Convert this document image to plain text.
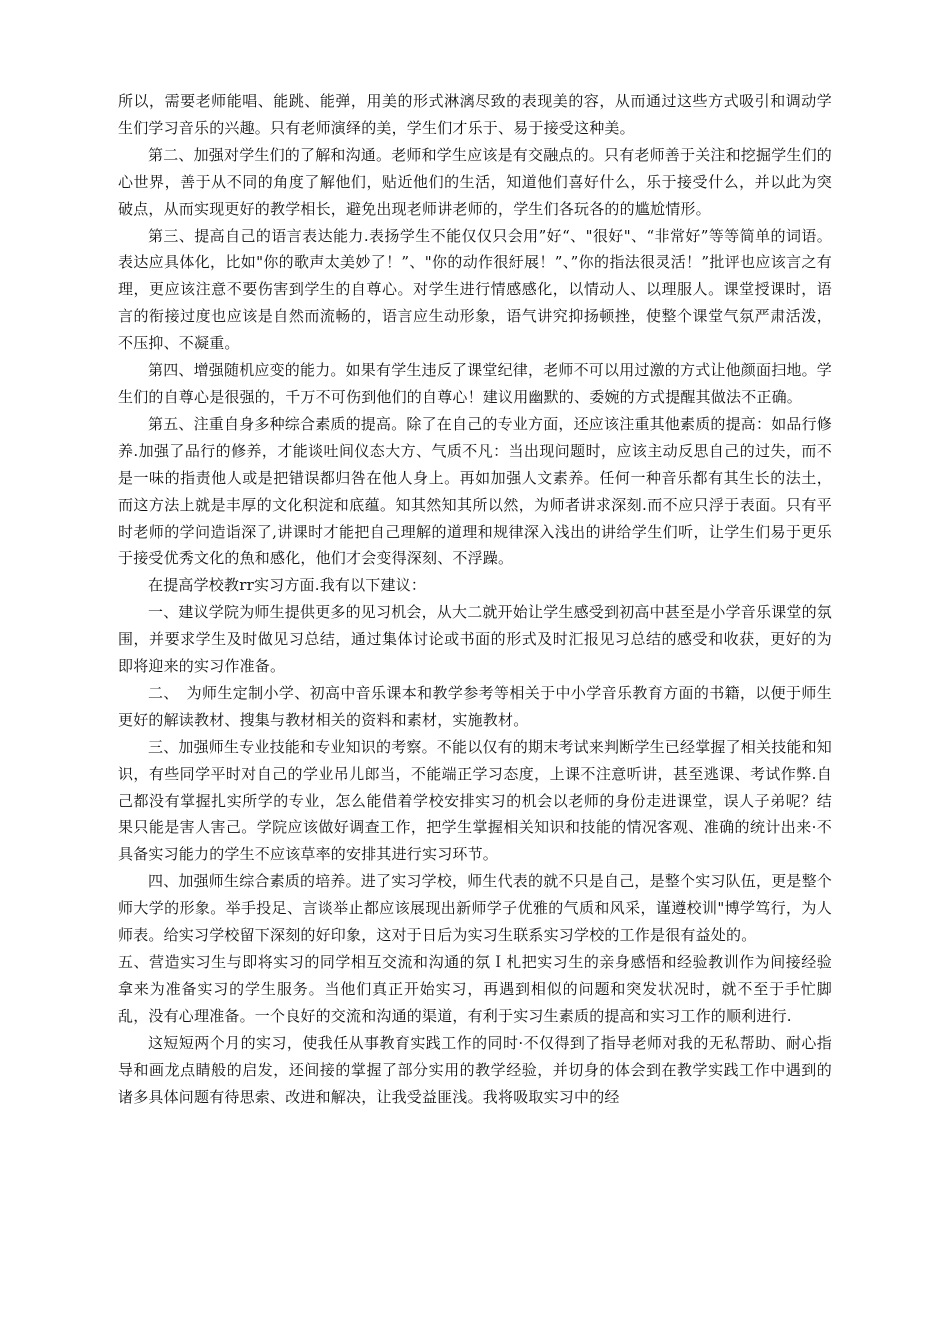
所以，需要老师能唱、能跳、能弹，用美的形式淋漓尽致的表现美的容，从而通过这些方式吸引和调动学生们学习音乐的兴趣。只有老师演绎的美，学生们才乐于、易于接受这种美。

第二、加强对学生们的了解和沟通。老师和学生应该是有交融点的。只有老师善于关注和挖掘学生们的心世界，善于从不同的角度了解他们，贴近他们的生活，知道他们喜好什么，乐于接受什么，并以此为突破点，从而实现更好的教学相长，避免出现老师讲老师的，学生们各玩各的的尴尬情形。

第三、提高自己的语言表达能力.表扬学生不能仅仅只会用”好“、"很好"、“非常好”等等简单的词语。表达应具体化，比如"你的歌声太美妙了！”、"你的动作很紆展！”、”你的指法很灵活！”批评也应该言之有理，更应该注意不要伤害到学生的自尊心。对学生进行情感感化，以情动人、以理服人。课堂授课时，语言的衔接过度也应该是自然而流畅的，语言应生动形象，语气讲究抑扬顿挫，使整个课堂气氛严肃活泼，不压抑、不凝重。

第四、增强随机应变的能力。如果有学生违反了课堂纪律，老师不可以用过激的方式让他颜面扫地。学生们的自尊心是很强的，千万不可伤到他们的自尊心！建议用幽默的、委婉的方式提醒其做法不正确。

第五、注重自身多种综合素质的提高。除了在自己的专业方面，还应该注重其他素质的提高：如品行修养.加强了品行的修养，才能谈吐间仪态大方、气质不凡：当出现问题时，应该主动反思自己的过失，而不是一味的指责他人或是把错误都归咎在他人身上。再如加强人文素养。任何一种音乐都有其生长的法土，而这方法上就是丰厚的文化积淀和底蕴。知其然知其所以然，为师者讲求深刻.而不应只浮于表面。只有平时老师的学问造诣深了,讲课时才能把自己理解的道理和规律深入浅出的讲给学生们听，让学生们易于更乐于接受优秀文化的魚和感化，他们才会变得深刻、不浮躁。

在提高学校教rr实习方面.我有以下建议：

一、建议学院为师生提供更多的见习机会，从大二就开始让学生感受到初高中甚至是小学音乐课堂的氛围，并要求学生及时做见习总结，通过集体讨论或书面的形式及时汇报见习总结的感受和收获，更好的为即将迎来的实习作准备。

二、　为师生定制小学、初高中音乐课本和教学参考等相关于中小学音乐教育方面的书籍，以便于师生更好的解读教材、搜集与教材相关的资料和素材，实施教材。

三、加强师生专业技能和专业知识的考察。不能以仅有的期末考试来判断学生已经掌握了相关技能和知识，有些同学平时对自己的学业吊儿郎当，不能端正学习态度，上课不注意听讲，甚至逃课、考试作弊.自己都没有掌握扎实所学的专业，怎么能借着学校安排实习的机会以老师的身份走进课堂，误人子弟呢？结果只能是害人害己。学院应该做好调查工作，把学生掌握相关知识和技能的情况客观、准确的统计出来·不具备实习能力的学生不应该草率的安排其进行实习环节。

四、加强师生综合素质的培养。进了实习学校，师生代表的就不只是自己，是整个实习队伍，更是整个师大学的形象。举手投足、言谈举止都应该展现出新师学子优雅的气质和风采，谨遵校训"博学笃行，为人师表。给实习学校留下深刻的好印象，这对于日后为实习生联系实习学校的工作是很有益处的。

五、营造实习生与即将实习的同学相互交流和沟通的氛Ｉ札把实习生的亲身感悟和经验教训作为间接经验拿来为准备实习的学生服务。当他们真正开始实习，再遇到相似的问题和突发状况时，就不至于手忙脚乱，没有心理准备。一个良好的交流和沟通的渠道，有利于实习生素质的提高和实习工作的顺利进行.

这短短两个月的实习，使我任从事教育实践工作的同时·不仅得到了指导老师对我的无私帮助、耐心指导和画龙点睛般的启发，还间接的掌握了部分实用的教学经验，并切身的体会到在教学实践工作中遇到的诸多具体问题有待思索、改进和解决，让我受益匪浅。我将吸取实习中的经
